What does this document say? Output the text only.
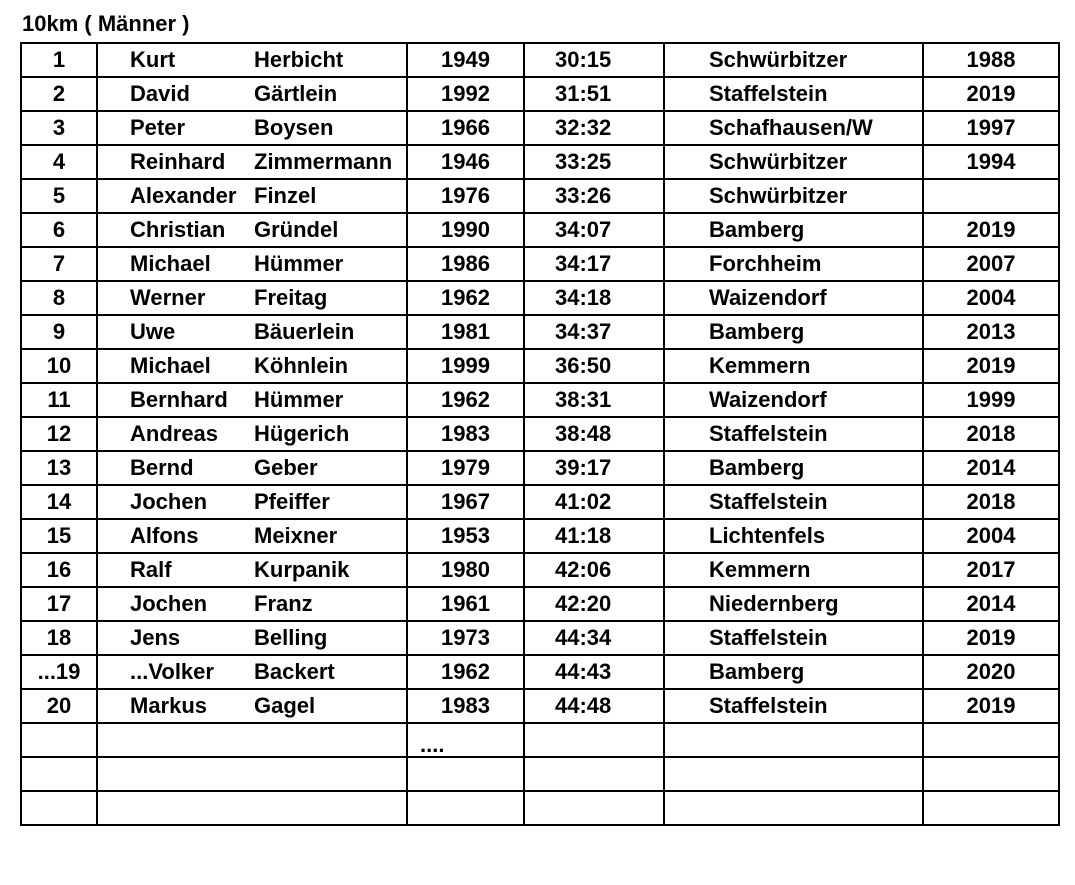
10km ( Männer )
1	Kurt Herbicht	1949	30:15	Schwürbitzer	1988
2	David Gärtlein	1992	31:51	Staffelstein	2019
3	Peter Boysen	1966	32:32	Schafhausen/W	1997
4	Reinhard Zimmermann	1946	33:25	Schwürbitzer	1994
5	Alexander Finzel	1976	33:26	Schwürbitzer	
6	Christian Gründel	1990	34:07	Bamberg	2019
7	Michael Hümmer	1986	34:17	Forchheim	2007
8	Werner Freitag	1962	34:18	Waizendorf	2004
9	Uwe Bäuerlein	1981	34:37	Bamberg	2013
10	Michael Köhnlein	1999	36:50	Kemmern	2019
11	Bernhard Hümmer	1962	38:31	Waizendorf	1999
12	Andreas Hügerich	1983	38:48	Staffelstein	2018
13	Bernd Geber	1979	39:17	Bamberg	2014
14	Jochen Pfeiffer	1967	41:02	Staffelstein	2018
15	Alfons Meixner	1953	41:18	Lichtenfels	2004
16	Ralf Kurpanik	1980	42:06	Kemmern	2017
17	Jochen Franz	1961	42:20	Niedernberg	2014
18	Jens Belling	1973	44:34	Staffelstein	2019
...19	...Volker Backert	1962	44:43	Bamberg	2020
20	Markus Gagel	1983	44:48	Staffelstein	2019
		....			
